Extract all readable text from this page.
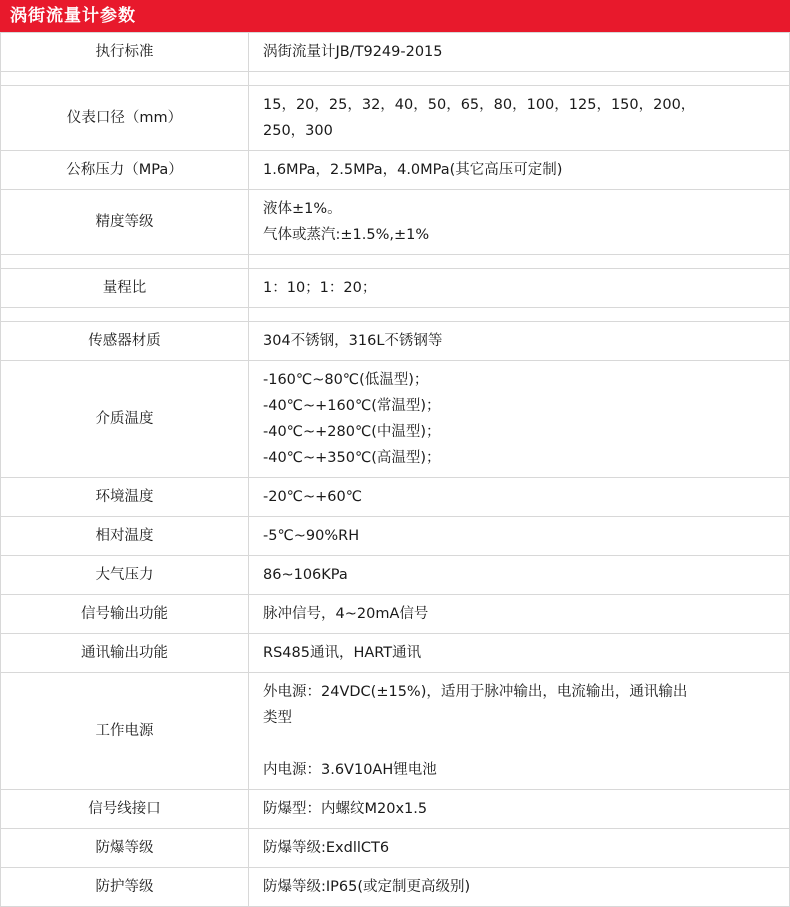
涡街流量计参数
执行标准	涡街流量计JB/T9249-2015

仪表口径（mm）	15，20，25，32，40，50，65，80，100，125，150，200，
250，300

公称压力（MPa）	1.6MPa，2.5MPa，4.0MPa(其它高压可定制)

精度等级	液体±1%。
气体或蒸汽:±1.5%,±1%

量程比	1：10；1：20；

传感器材质	304不锈钢，316L不锈钢等

介质温度	-160℃~80℃(低温型)；
-40℃~+160℃(常温型)；
-40℃~+280℃(中温型)；
-40℃~+350℃(高温型)；

环境温度	-20℃~+60℃

相对温度	-5℃~90%RH

大气压力	86~106KPa

信号输出功能	脉冲信号，4~20mA信号

通讯输出功能	RS485通讯，HART通讯

工作电源	外电源：24VDC(±15%)，适用于脉冲输出，电流输出，通讯输出
类型

内电源：3.6V10AH锂电池

信号线接口	防爆型：内螺纹M20x1.5

防爆等级	防爆等级:ExdllCT6

防护等级	防爆等级:IP65(或定制更高级别)
